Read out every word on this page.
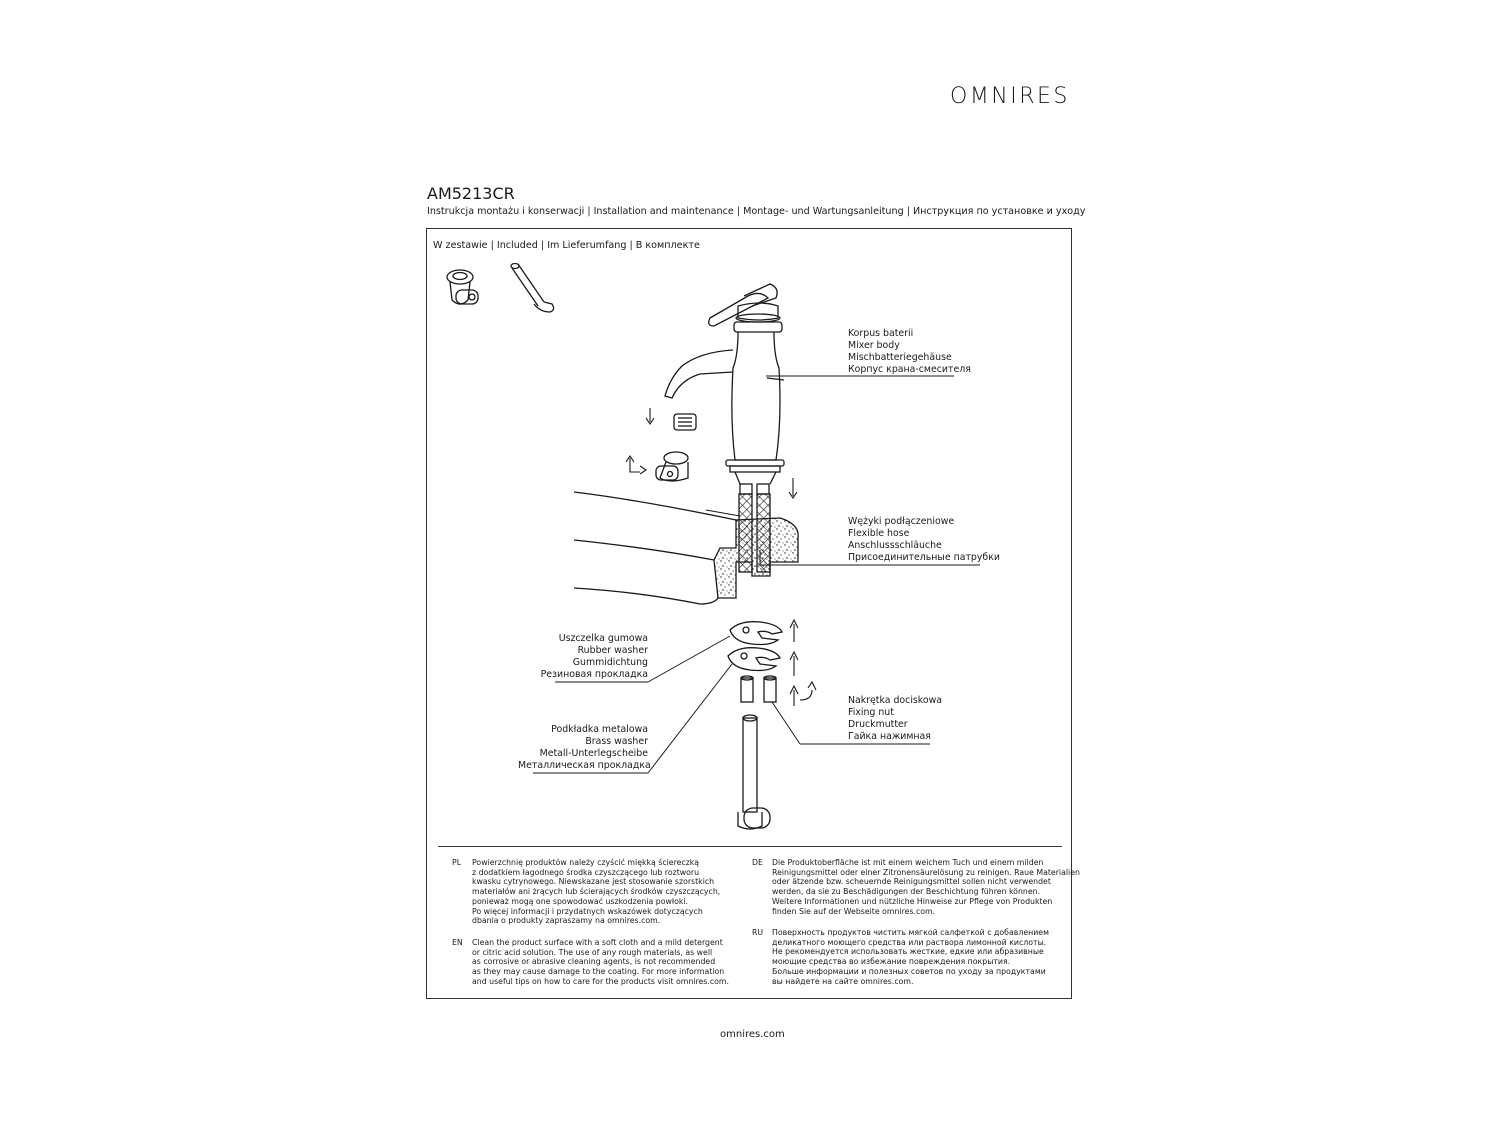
OMNIRES
AM5213CR
Instrukcja montażu i konserwacji | Installation and maintenance | Montage- und Wartungsanleitung | Инструкция по установке и уходу
W zestawie | Included | Im Lieferumfang | В комплекте
Korpus baterii
Mixer body
Mischbatteriegehäuse
Корпус крана-смесителя
Wężyki podłączeniowe
Flexible hose
Anschlussschläuche
Присоединительные патрубки
Uszczelka gumowa
Rubber washer
Gummidichtung
Резиновая прокладка
Podkładka metalowa
Brass washer
Metall-Unterlegscheibe
Металлическая прокладка
Nakrętka dociskowa
Fixing nut
Druckmutter
Гайка нажимная
PL	Powierzchnię produktów należy czyścić miękką ściereczką
z dodatkiem łagodnego środka czyszczącego lub roztworu
kwasku cytrynowego. Niewskazane jest stosowanie szorstkich
materiałów ani żrących lub ścierających środków czyszczących,
ponieważ mogą one spowodować uszkodzenia powłoki.
Po więcej informacji i przydatnych wskazówek dotyczących
dbania o produkty zapraszamy na omnires.com.
EN	Clean the product surface with a soft cloth and a mild detergent
or citric acid solution. The use of any rough materials, as well
as corrosive or abrasive cleaning agents, is not recommended
as they may cause damage to the coating. For more information
and useful tips on how to care for the products visit omnires.com.
DE	Die Produktoberfläche ist mit einem weichem Tuch und einem milden
Reinigungsmittel oder einer Zitronensäurelösung zu reinigen. Raue Materialien
oder ätzende bzw. scheuernde Reinigungsmittel sollen nicht verwendet
werden, da sie zu Beschädigungen der Beschichtung führen können.
Weitere Informationen und nützliche Hinweise zur Pflege von Produkten
finden Sie auf der Webseite omnires.com.
RU	Поверхность продуктов чистить мягкой салфеткой с добавлением
деликатного моющего средства или раствора лимонной кислоты.
Не рекомендуется использовать жесткие, едкие или абразивные
моющие средства во избежание повреждения покрытия.
Больше информации и полезных советов по уходу за продуктами
вы найдете на сайте omnires.com.
omnires.com
